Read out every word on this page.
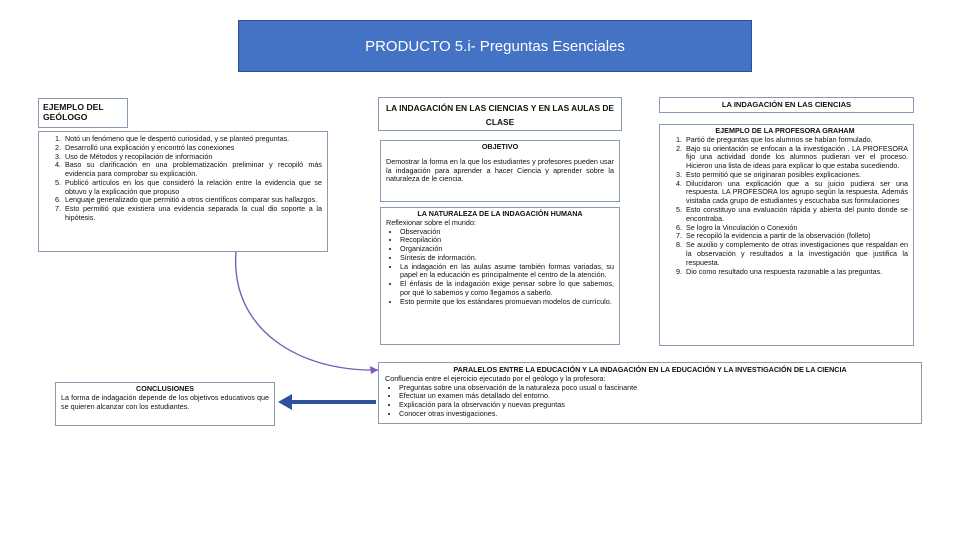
PRODUCTO 5.i- Preguntas Esenciales
EJEMPLO DEL GEÓLOGO
1. Notó un fenómeno que le despertó curiosidad, y se planteó preguntas.
2. Desarrolló una explicación y encontró las conexiones
3. Uso de Métodos y recopilación de información
4. Baso su clarificación en una problematización preliminar y recopiló más evidencia para comprobar su explicación.
5. Publicó artículos en los que consideró la relación entre la evidencia que se obtuvo y la explicación que propuso
6. Lenguaje generalizado que permitió a otros científicos comparar sus hallazgos.
7. Esto permitió que existiera una evidencia separada la cual dio soporte a la hipótesis.
LA INDAGACIÓN EN LAS CIENCIAS Y EN LAS AULAS DE CLASE
OBJETIVO
Demostrar la forma en la que los estudiantes y profesores pueden usar la indagación para aprender a hacer Ciencia y aprender sobre la naturaleza de le ciencia.
LA NATURALEZA DE LA INDAGACIÓN HUMANA
Reflexionar sobre el mundo:
• Observación
• Recopilación
• Organización
• Síntesis de información.
• La indagación en las aulas asume también formas variadas, su papel en la educación es principalmente el centro de la atención.
• El énfasis de la indagación exige pensar sobre lo que sabemos, por qué lo sabemos y como llegamos a saberlo.
• Esto permite que los estándares promuevan modelos de currículo.
LA INDAGACIÓN EN LAS CIENCIAS
EJEMPLO DE LA PROFESORA GRAHAM
1. Partió de preguntas que los alumnos se habían formulado.
2. Bajo su orientación se enfocan a la investigación . LA PROFESORA fijo una actividad donde los alumnos pudieran ver el proceso. Hicieron una lista de ideas para explicar lo que estaba sucediendo.
3. Esto permitió que se originaran posibles explicaciones.
4. Dilucidaron una explicación que a su juicio pudiera ser una respuesta. LA PROFESORA los agrupo según la respuesta. Además visitaba cada grupo de estudiantes y escuchaba sus formulaciones
5. Esto constituyo una evaluación rápida y abierta del punto donde se encontraba.
6. Se logro la Vinculación o Conexión
7. Se recopiló la evidencia a partir de la observación (folleto)
8. Se auxilio y complemento de otras investigaciones que respaldan en la observación y resultados a la investigación que justifica la respuesta.
9. Dio como resultado una respuesta razonable a las preguntas.
PARALELOS ENTRE LA EDUCACIÓN Y LA INDAGACIÓN EN LA EDUCACIÓN Y LA INVESTIGACIÓN DE LA CIENCIA
Confluencia entre el ejercicio ejecutado por el geólogo y la profesora:
• Preguntas sobre una observación de la naturaleza poco usual o fascinante
• Efectuar un examen más detallado del entorno.
• Explicación para la observación y nuevas preguntas
• Conocer otras investigaciones.
CONCLUSIONES
La forma de indagación depende de los objetivos educativos que se quieren alcanzar con los estudiantes.
